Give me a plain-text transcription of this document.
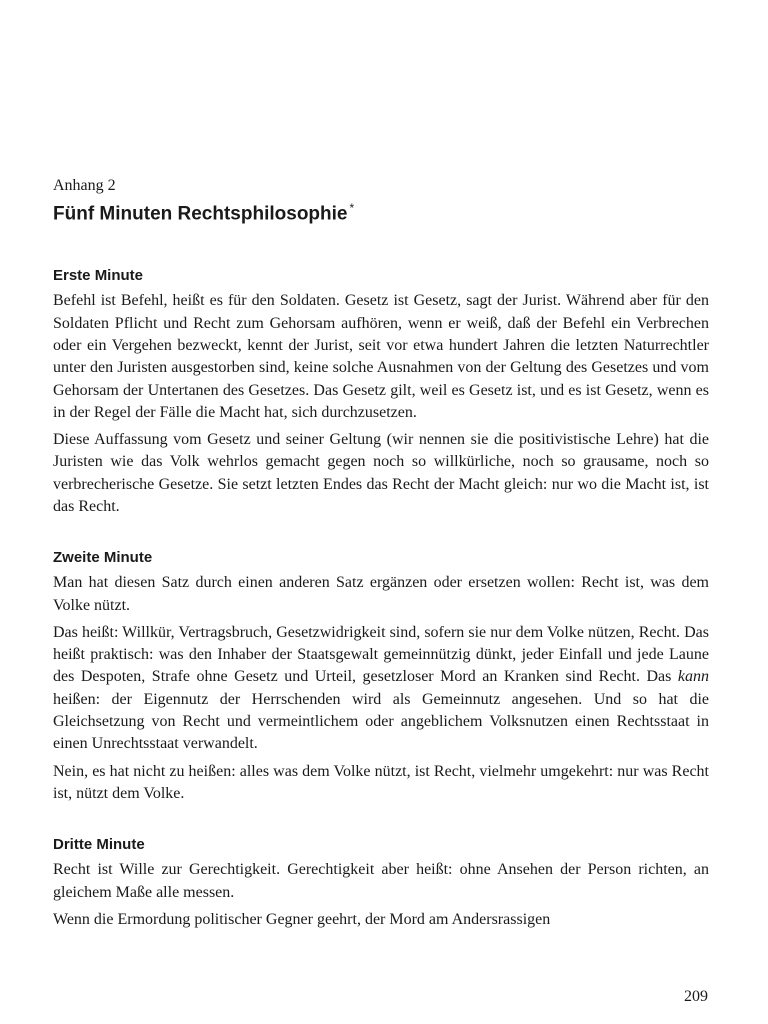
Anhang 2

Fünf Minuten Rechtsphilosophie *
Erste Minute

Befehl ist Befehl, heißt es für den Soldaten. Gesetz ist Gesetz, sagt der Jurist. Während aber für den Soldaten Pflicht und Recht zum Gehorsam aufhören, wenn er weiß, daß der Befehl ein Verbrechen oder ein Vergehen bezweckt, kennt der Jurist, seit vor etwa hundert Jahren die letzten Naturrechtler unter den Juristen ausgestorben sind, keine solche Ausnahmen von der Geltung des Gesetzes und vom Gehorsam der Untertanen des Gesetzes. Das Gesetz gilt, weil es Gesetz ist, und es ist Gesetz, wenn es in der Regel der Fälle die Macht hat, sich durchzusetzen.

Diese Auffassung vom Gesetz und seiner Geltung (wir nennen sie die positivistische Lehre) hat die Juristen wie das Volk wehrlos gemacht gegen noch so willkürliche, noch so grausame, noch so verbrecherische Gesetze. Sie setzt letzten Endes das Recht der Macht gleich: nur wo die Macht ist, ist das Recht.

Zweite Minute

Man hat diesen Satz durch einen anderen Satz ergänzen oder ersetzen wollen: Recht ist, was dem Volke nützt.

Das heißt: Willkür, Vertragsbruch, Gesetzwidrigkeit sind, sofern sie nur dem Volke nützen, Recht. Das heißt praktisch: was den Inhaber der Staatsgewalt gemeinnützig dünkt, jeder Einfall und jede Laune des Despoten, Strafe ohne Gesetz und Urteil, gesetzloser Mord an Kranken sind Recht. Das kann heißen: der Eigennutz der Herrschenden wird als Gemeinnutz angesehen. Und so hat die Gleichsetzung von Recht und vermeintlichem oder angeblichem Volksnutzen einen Rechtsstaat in einen Unrechtsstaat verwandelt.

Nein, es hat nicht zu heißen: alles was dem Volke nützt, ist Recht, vielmehr umgekehrt: nur was Recht ist, nützt dem Volke.

Dritte Minute

Recht ist Wille zur Gerechtigkeit. Gerechtigkeit aber heißt: ohne Ansehen der Person richten, an gleichem Maße alle messen.

Wenn die Ermordung politischer Gegner geehrt, der Mord am Andersrassigen

209
